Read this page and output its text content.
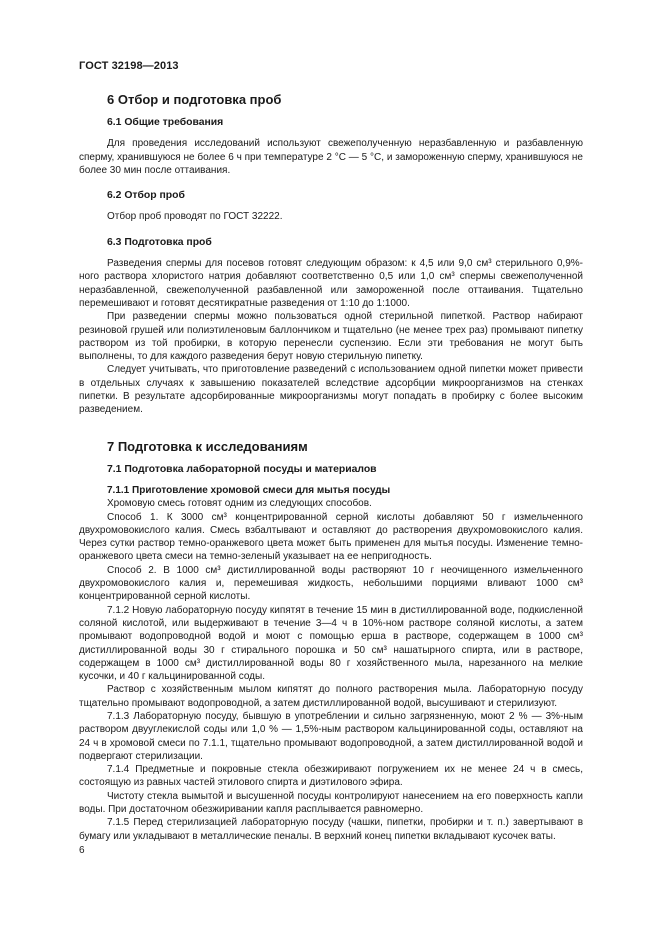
ГОСТ 32198—2013
6 Отбор и подготовка проб
6.1 Общие требования

Для проведения исследований используют свежеполученную неразбавленную и разбавленную сперму, хранившуюся не более 6 ч при температуре 2 °C — 5 °C, и замороженную сперму, хранившуюся не более 30 мин после оттаивания.

6.2 Отбор проб

Отбор проб проводят по ГОСТ 32222.

6.3 Подготовка проб

Разведения спермы для посевов готовят следующим образом: к 4,5 или 9,0 см³ стерильного 0,9%-ного раствора хлористого натрия добавляют соответственно 0,5 или 1,0 см³ спермы свежеполученной неразбавленной, свежеполученной разбавленной или замороженной после оттаивания. Тщательно перемешивают и готовят десятикратные разведения от 1:10 до 1:1000.

При разведении спермы можно пользоваться одной стерильной пипеткой. Раствор набирают резиновой грушей или полиэтиленовым баллончиком и тщательно (не менее трех раз) промывают пипетку раствором из той пробирки, в которую перенесли суспензию. Если эти требования не могут быть выполнены, то для каждого разведения берут новую стерильную пипетку.

Следует учитывать, что приготовление разведений с использованием одной пипетки может привести в отдельных случаях к завышению показателей вследствие адсорбции микроорганизмов на стенках пипетки. В результате адсорбированные микроорганизмы могут попадать в пробирку с более высоким разведением.

7 Подготовка к исследованиям
7.1 Подготовка лабораторной посуды и материалов
7.1.1 Приготовление хромовой смеси для мытья посуды

Хромовую смесь готовят одним из следующих способов.

Способ 1. К 3000 см³ концентрированной серной кислоты добавляют 50 г измельченного двухромовокислого калия. Смесь взбалтывают и оставляют до растворения двухромовокислого калия. Через сутки раствор темно-оранжевого цвета может быть применен для мытья посуды. Изменение темно-оранжевого цвета смеси на темно-зеленый указывает на ее непригодность.

Способ 2. В 1000 см³ дистиллированной воды растворяют 10 г неочищенного измельченного двухромовокислого калия и, перемешивая жидкость, небольшими порциями вливают 1000 см³ концентрированной серной кислоты.

7.1.2 Новую лабораторную посуду кипятят в течение 15 мин в дистиллированной воде, подкисленной соляной кислотой, или выдерживают в течение 3—4 ч в 10%-ном растворе соляной кислоты, а затем промывают водопроводной водой и моют с помощью ерша в растворе, содержащем в 1000 см³ дистиллированной воды 30 г стирального порошка и 50 см³ нашатырного спирта, или в растворе, содержащем в 1000 см³ дистиллированной воды 80 г хозяйственного мыла, нарезанного на мелкие кусочки, и 40 г кальцинированной соды.

Раствор с хозяйственным мылом кипятят до полного растворения мыла. Лабораторную посуду тщательно промывают водопроводной, а затем дистиллированной водой, высушивают и стерилизуют.

7.1.3 Лабораторную посуду, бывшую в употреблении и сильно загрязненную, моют 2 % — 3%-ным раствором двууглекислой соды или 1,0 % — 1,5%-ным раствором кальцинированной соды, оставляют на 24 ч в хромовой смеси по 7.1.1, тщательно промывают водопроводной, а затем дистиллированной водой и подвергают стерилизации.

7.1.4 Предметные и покровные стекла обезжиривают погружением их не менее 24 ч в смесь, состоящую из равных частей этилового спирта и диэтилового эфира.

Чистоту стекла вымытой и высушенной посуды контролируют нанесением на его поверхность капли воды. При достаточном обезжиривании капля расплывается равномерно.

7.1.5 Перед стерилизацией лабораторную посуду (чашки, пипетки, пробирки и т. п.) завертывают в бумагу или укладывают в металлические пеналы. В верхний конец пипетки вкладывают кусочек ваты.

6
